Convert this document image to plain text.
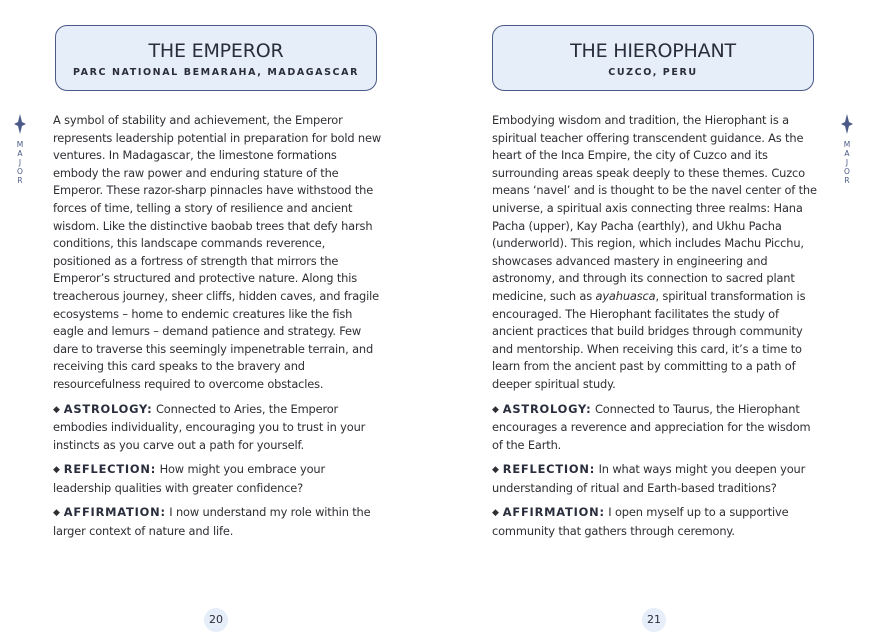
M
A
J
O
R
THE EMPEROR
PARC NATIONAL BEMARAHA, MADAGASCAR

A symbol of stability and achievement, the Emperor represents leadership potential in preparation for bold new ventures. In Madagascar, the limestone formations embody the raw power and enduring stature of the Emperor. These razor-sharp pinnacles have withstood the forces of time, telling a story of resilience and ancient wisdom. Like the distinctive baobab trees that defy harsh conditions, this landscape commands reverence, positioned as a fortress of strength that mirrors the Emperor’s structured and protective nature. Along this treacherous journey, sheer cliffs, hidden caves, and fragile ecosystems – home to endemic creatures like the fish eagle and lemurs – demand patience and strategy. Few dare to traverse this seemingly impenetrable terrain, and receiving this card speaks to the bravery and resourcefulness required to overcome obstacles.

◆ ASTROLOGY: Connected to Aries, the Emperor embodies individuality, encouraging you to trust in your instincts as you carve out a path for yourself.

◆ REFLECTION: How might you embrace your leadership qualities with greater confidence?

◆ AFFIRMATION: I now understand my role within the larger context of nature and life.

20
M
A
J
O
R
THE HIEROPHANT
CUZCO, PERU

Embodying wisdom and tradition, the Hierophant is a spiritual teacher offering transcendent guidance. As the heart of the Inca Empire, the city of Cuzco and its surrounding areas speak deeply to these themes. Cuzco means ‘navel’ and is thought to be the navel center of the universe, a spiritual axis connecting three realms: Hana Pacha (upper), Kay Pacha (earthly), and Ukhu Pacha (underworld). This region, which includes Machu Picchu, showcases advanced mastery in engineering and astronomy, and through its connection to sacred plant medicine, such as ayahuasca, spiritual transformation is encouraged. The Hierophant facilitates the study of ancient practices that build bridges through community and mentorship. When receiving this card, it’s a time to learn from the ancient past by committing to a path of deeper spiritual study.

◆ ASTROLOGY: Connected to Taurus, the Hierophant encourages a reverence and appreciation for the wisdom of the Earth.

◆ REFLECTION: In what ways might you deepen your understanding of ritual and Earth-based traditions?

◆ AFFIRMATION: I open myself up to a supportive community that gathers through ceremony.

21
